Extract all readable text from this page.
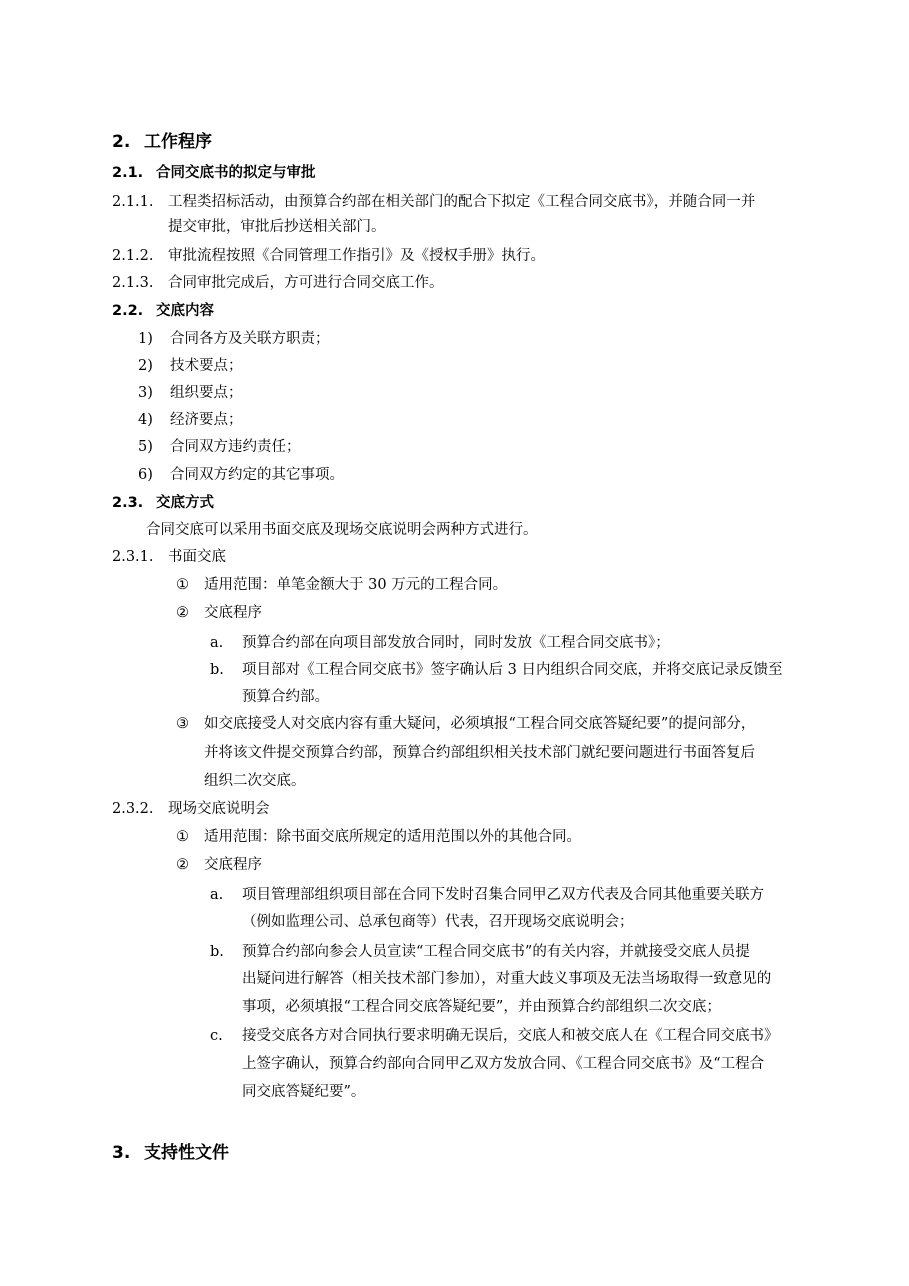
2. 工作程序
2.1. 合同交底书的拟定与审批
2.1.1. 工程类招标活动，由预算合约部在相关部门的配合下拟定《工程合同交底书》，并随合同一并
提交审批，审批后抄送相关部门。
2.1.2. 审批流程按照《合同管理工作指引》及《授权手册》执行。
2.1.3. 合同审批完成后，方可进行合同交底工作。
2.2. 交底内容
1) 合同各方及关联方职责；
2) 技术要点；
3) 组织要点；
4) 经济要点；
5) 合同双方违约责任；
6) 合同双方约定的其它事项。
2.3. 交底方式
合同交底可以采用书面交底及现场交底说明会两种方式进行。
2.3.1. 书面交底
① 适用范围：单笔金额大于 30 万元的工程合同。
② 交底程序
a. 预算合约部在向项目部发放合同时，同时发放《工程合同交底书》；
b. 项目部对《工程合同交底书》签字确认后 3 日内组织合同交底，并将交底记录反馈至
预算合约部。
③ 如交底接受人对交底内容有重大疑问，必须填报“工程合同交底答疑纪要”的提问部分，
并将该文件提交预算合约部，预算合约部组织相关技术部门就纪要问题进行书面答复后
组织二次交底。
2.3.2. 现场交底说明会
① 适用范围：除书面交底所规定的适用范围以外的其他合同。
② 交底程序
a. 项目管理部组织项目部在合同下发时召集合同甲乙双方代表及合同其他重要关联方
（例如监理公司、总承包商等）代表，召开现场交底说明会；
b. 预算合约部向参会人员宣读“工程合同交底书”的有关内容，并就接受交底人员提
出疑问进行解答（相关技术部门参加），对重大歧义事项及无法当场取得一致意见的
事项，必须填报“工程合同交底答疑纪要”，并由预算合约部组织二次交底；
c. 接受交底各方对合同执行要求明确无误后，交底人和被交底人在《工程合同交底书》
上签字确认，预算合约部向合同甲乙双方发放合同、《工程合同交底书》及“工程合
同交底答疑纪要”。
3. 支持性文件
